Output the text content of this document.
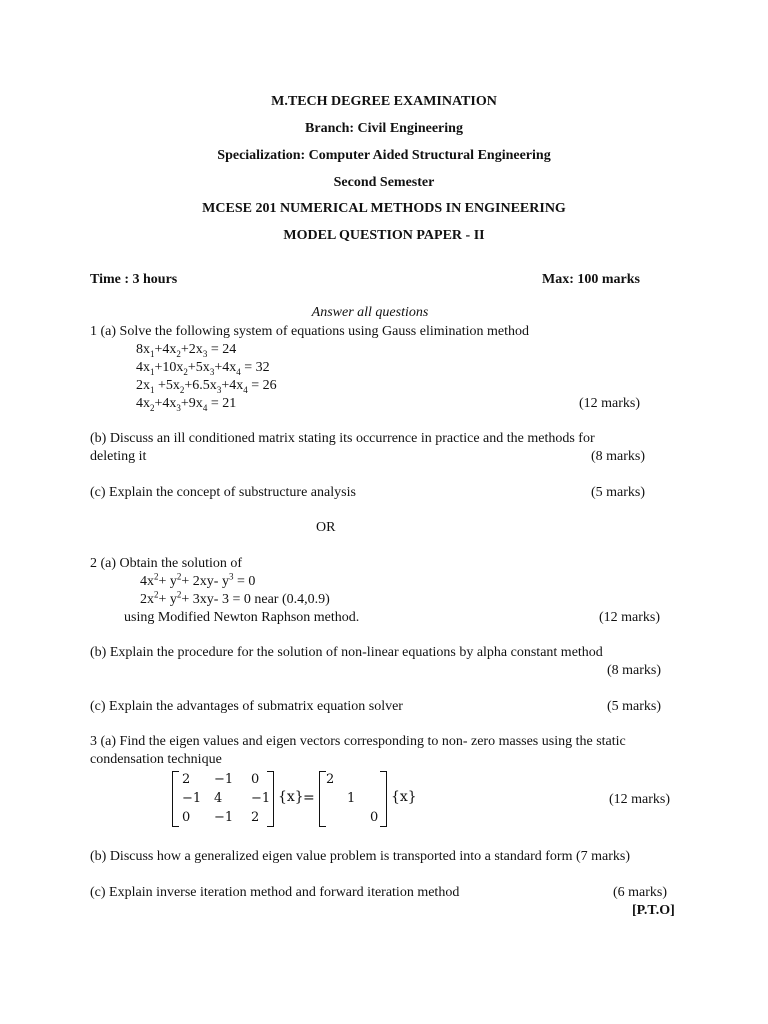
M.TECH DEGREE EXAMINATION
Branch: Civil Engineering
Specialization: Computer Aided Structural Engineering
Second Semester
MCESE 201 NUMERICAL METHODS IN ENGINEERING
MODEL QUESTION PAPER - II
Time : 3 hours	Max: 100 marks
Answer all questions
1 (a) Solve the following system of equations using Gauss elimination method
$8x_1+4x_2+2x_3 = 24$
$4x_1+10x_2+5x_3+4x_4 = 32$
$2x_1 +5x_2+6.5x_3+4x_4 = 26$
$4x_2+4x_3+9x_4 = 21$	(12 marks)
(b) Discuss an ill conditioned matrix stating its occurrence in practice and the methods for
deleting it	(8 marks)
(c) Explain the concept of substructure analysis	(5 marks)
OR
2 (a) Obtain the solution of
$4x^2+ y^2+ 2xy-$ $y^3 = 0$
$2x^2+ y^2+ 3xy-$ 3 = 0 near (0.4,0.9)
using Modified Newton Raphson method.	(12 marks)
(b) Explain the procedure for the solution of non-linear equations by alpha constant method
(8 marks)
(c) Explain the advantages of submatrix equation solver	(5 marks)
3 (a) Find the eigen values and eigen vectors corresponding to non- zero masses using the static
condensation technique
2 −1 0
−1 4 −1
0 −1 2
{x} =
2
1
0
{x}	(12 marks)
(b) Discuss how a generalized eigen value problem is transported into a standard form (7 marks)
(c) Explain inverse iteration method and forward iteration method	(6 marks)
[P.T.O]
